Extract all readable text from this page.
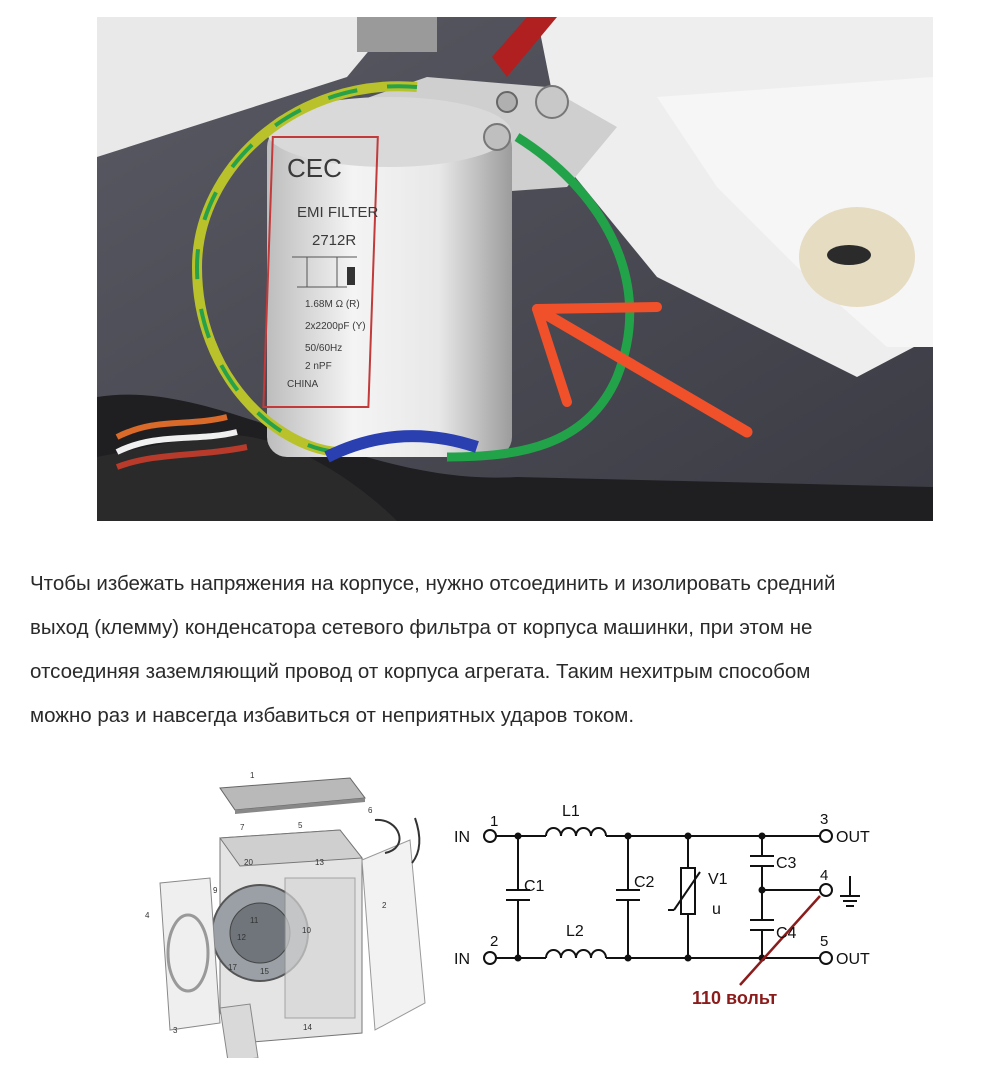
CEC
EMI FILTER
2712R
1.68M Ω (R)
2x2200pF (Y)
50/60Hz
2 nPF
CHINA
Чтобы избежать напряжения на корпусе, нужно отсоединить и изолировать средний
выход (клемму) конденсатора сетевого фильтра от корпуса машинки, при этом не
отсоединяя заземляющий провод от корпуса агрегата. Таким нехитрым способом
можно раз и навсегда избавиться от неприятных ударов током.
1
2
3
4
5
6
7
9
10
11
12
13
14
15
17
20
IN
IN
1
2
3
4
5
OUT
OUT
L1
L2
C1	C2	V1
u
C3
C4
110 вольт
